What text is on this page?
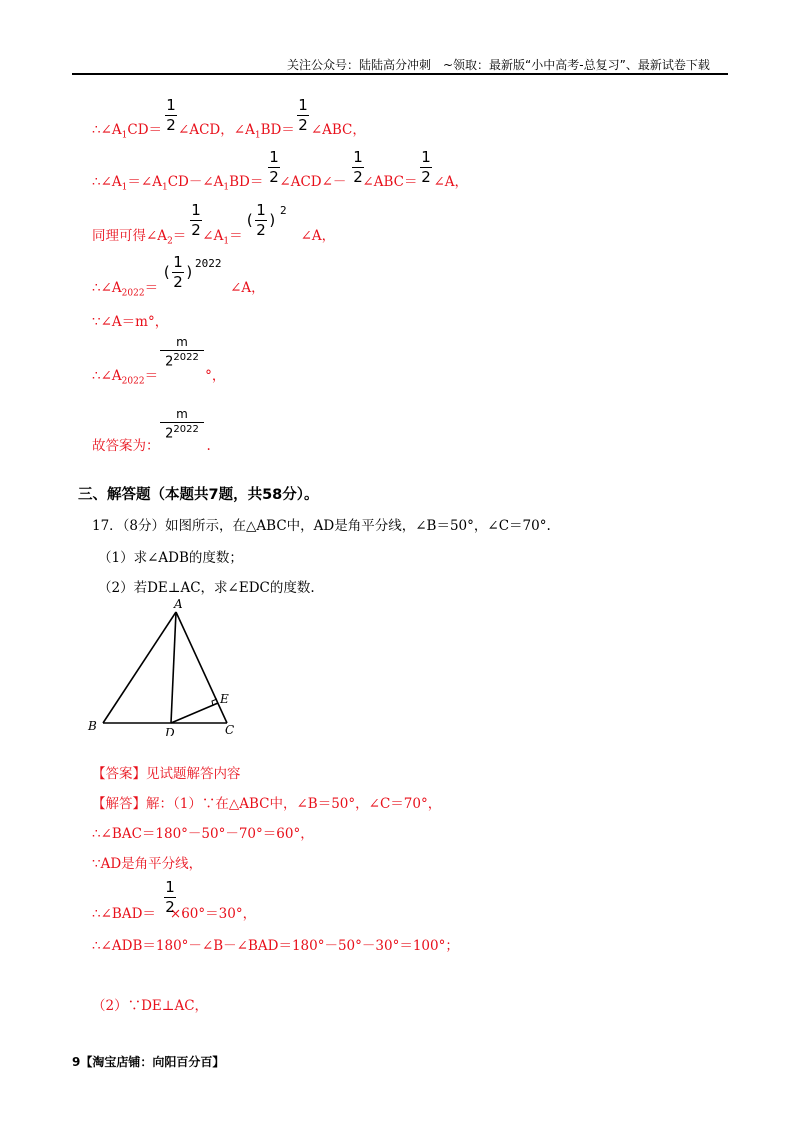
关注公众号：陆陆高分冲刺　~领取：最新版“小中高考-总复习”、最新试卷下载
$\therefore\angle A_1CD=$ ∠ACD，$\angle A_1BD=$ ∠ABC，
1
2
1
2
$\therefore\angle A_1=\angle A_1CD-\angle A_1BD=$ ∠ACD∠－ ∠ABC＝ ∠A，
1
2
1
2
1
2
同理可得$\angle A_2=$ $\angle A_1=$	∠A，
1
2
(
1
2
)
2
$\therefore\angle A_{2022}=$	∠A，
(
1
2
) 2022
∵∠A＝m°，
$\therefore\angle A_{2022}=$	°，
m
$2^{2022}$
故答案为：	.
m
$2^{2022}$
三、解答题（本题共7题，共58分）。
17．（8分）如图所示，在△ABC中，AD是角平分线，∠B＝50°，∠C＝70°.
（1）求∠ADB的度数；
（2）若DE⊥AC，求∠EDC的度数.
A
B	C
D
E
【答案】见试题解答内容
【解答】解：（1）∵在△ABC中，∠B＝50°，∠C＝70°，
∴∠BAC＝180°－50°－70°＝60°，
∵AD是角平分线，
∴∠BAD＝ ×60°＝30°，
1
2
∴∠ADB＝180°－∠B－∠BAD＝180°－50°－30°＝100°；
（2）∵DE⊥AC，
9【淘宝店铺：向阳百分百】
